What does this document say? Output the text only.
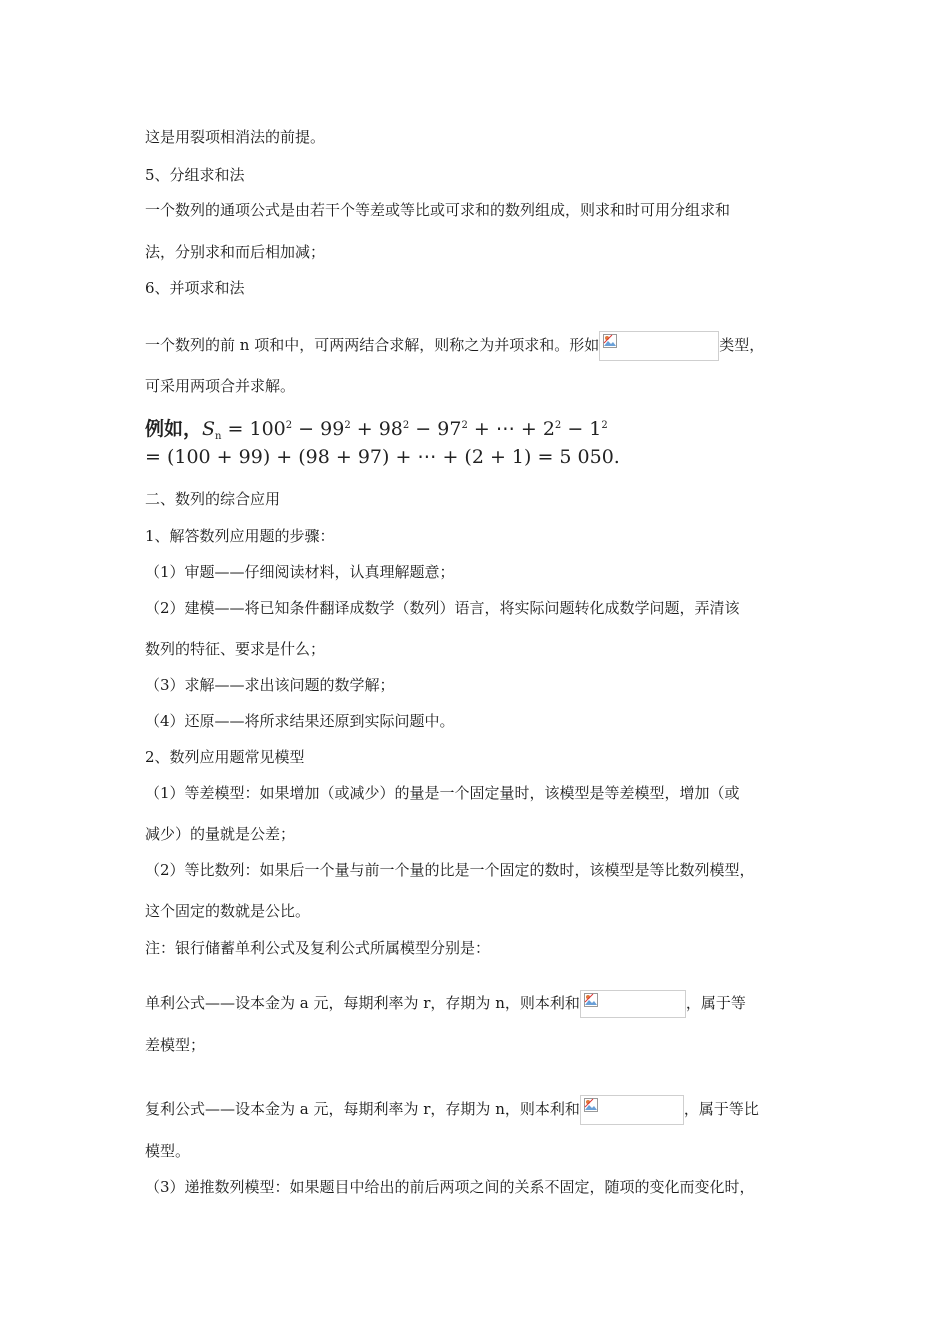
这是用裂项相消法的前提。
5、分组求和法
一个数列的通项公式是由若干个等差或等比或可求和的数列组成，则求和时可用分组求和
法，分别求和而后相加减；
6、并项求和法
一个数列的前 n 项和中，可两两结合求解，则称之为并项求和。形如	类型，
可采用两项合并求解。
例如，$S_n = 100^2 - 99^2 + 98^2 - 97^2$ + ⋯ + $2^2 - 1^2$
= (100 + 99) + (98 + 97) + ⋯ + (2 + 1) = 5 050.
二、数列的综合应用
1、解答数列应用题的步骤：
（1）审题——仔细阅读材料，认真理解题意；
（2）建模——将已知条件翻译成数学（数列）语言，将实际问题转化成数学问题，弄清该
数列的特征、要求是什么；
（3）求解——求出该问题的数学解；
（4）还原——将所求结果还原到实际问题中。
2、数列应用题常见模型
（1）等差模型：如果增加（或减少）的量是一个固定量时，该模型是等差模型，增加（或
减少）的量就是公差；
（2）等比数列：如果后一个量与前一个量的比是一个固定的数时，该模型是等比数列模型，
这个固定的数就是公比。
注：银行储蓄单利公式及复利公式所属模型分别是：
单利公式——设本金为 a 元，每期利率为 r，存期为 n，则本利和	，属于等
差模型；
复利公式——设本金为 a 元，每期利率为 r，存期为 n，则本利和	，属于等比
模型。
（3）递推数列模型：如果题目中给出的前后两项之间的关系不固定，随项的变化而变化时，
